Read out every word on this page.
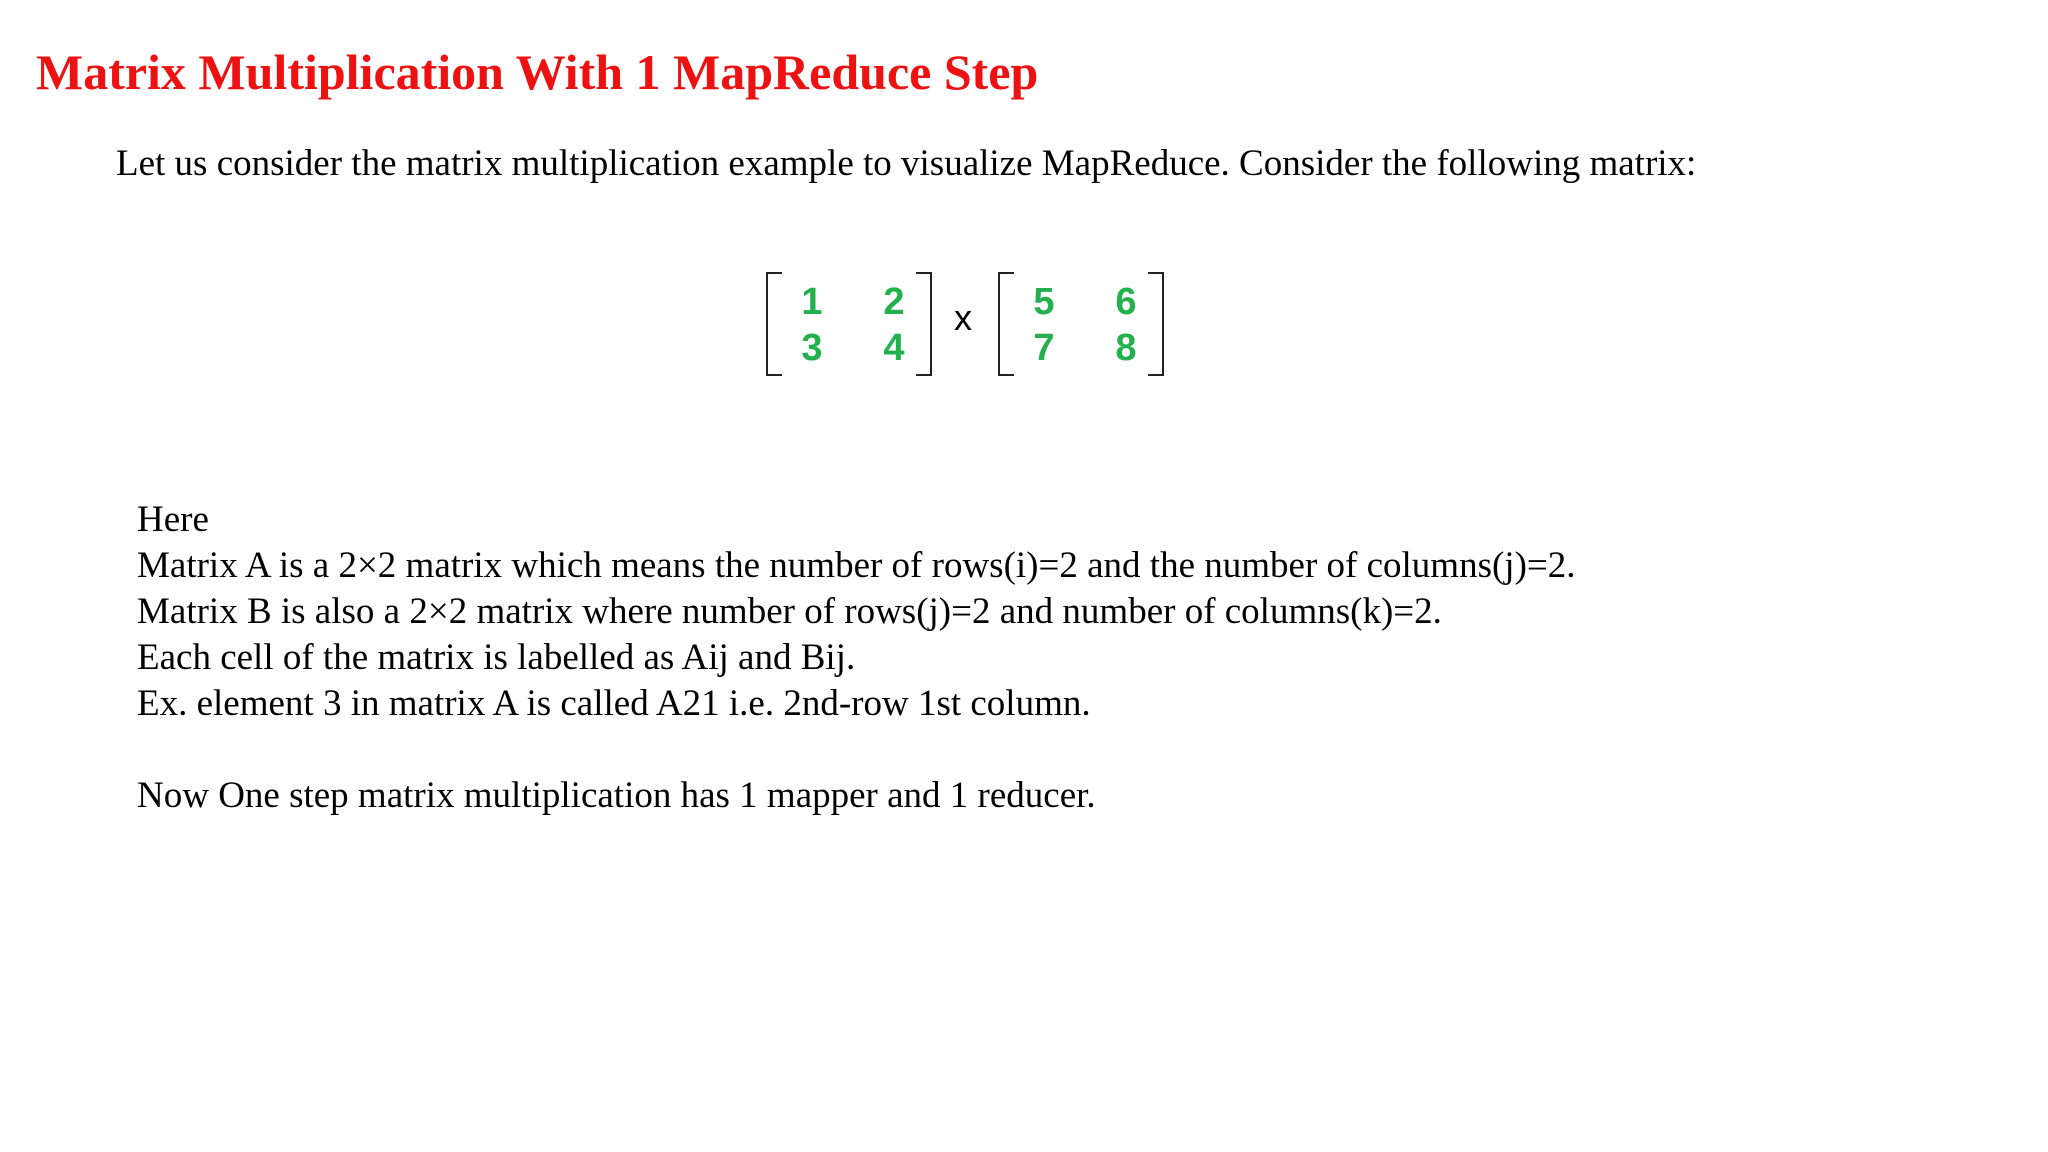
Matrix Multiplication With 1 MapReduce Step

Let us consider the matrix multiplication example to visualize MapReduce. Consider the following matrix:

1 2
3 4
x 5 6
7 8
Here
Matrix A is a 2×2 matrix which means the number of rows(i)=2 and the number of columns(j)=2.
Matrix B is also a 2×2 matrix where number of rows(j)=2 and number of columns(k)=2.
Each cell of the matrix is labelled as Aij and Bij.
Ex. element 3 in matrix A is called A21 i.e. 2nd-row 1st column.
Now One step matrix multiplication has 1 mapper and 1 reducer.
